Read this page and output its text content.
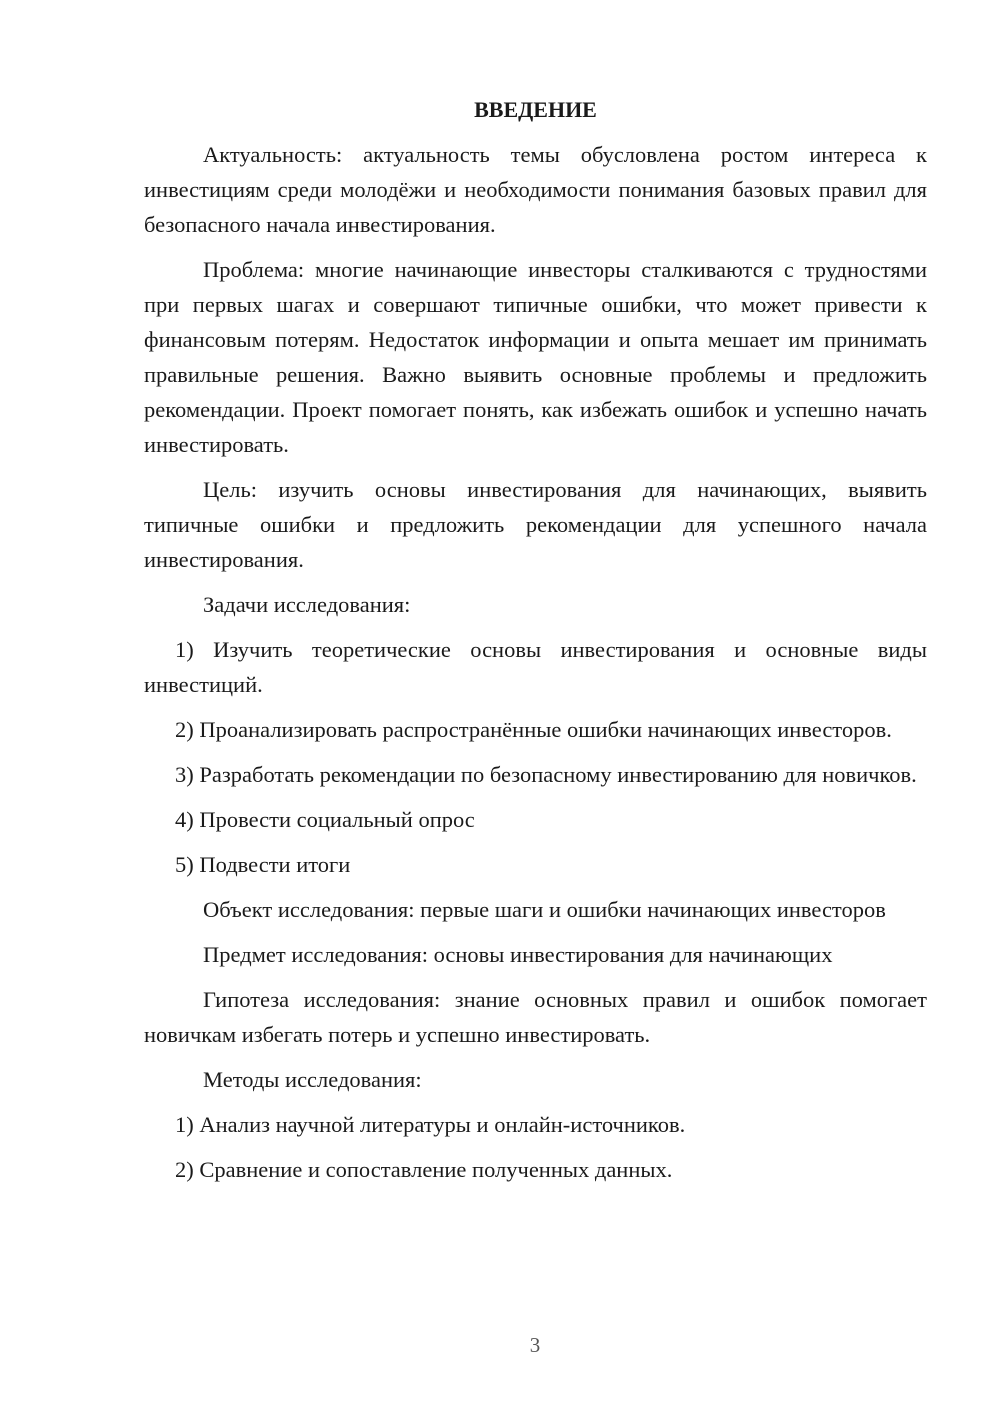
ВВЕДЕНИЕ

Актуальность: актуальность темы обусловлена ростом интереса к инвестициям среди молодёжи и необходимости понимания базовых правил для безопасного начала инвестирования.

Проблема: многие начинающие инвесторы сталкиваются с трудностями при первых шагах и совершают типичные ошибки, что может привести к финансовым потерям. Недостаток информации и опыта мешает им принимать правильные решения. Важно выявить основные проблемы и предложить рекомендации. Проект помогает понять, как избежать ошибок и успешно начать инвестировать.

Цель: изучить основы инвестирования для начинающих, выявить типичные ошибки и предложить рекомендации для успешного начала инвестирования.

Задачи исследования:

1) Изучить теоретические основы инвестирования и основные виды инвестиций.

2) Проанализировать распространённые ошибки начинающих инвесторов.

3) Разработать рекомендации по безопасному инвестированию для новичков.

4) Провести социальный опрос

5) Подвести итоги

Объект исследования: первые шаги и ошибки начинающих инвесторов

Предмет исследования: основы инвестирования для начинающих

Гипотеза исследования: знание основных правил и ошибок помогает новичкам избегать потерь и успешно инвестировать.

Методы исследования:

1) Анализ научной литературы и онлайн-источников.

2) Сравнение и сопоставление полученных данных.

3
